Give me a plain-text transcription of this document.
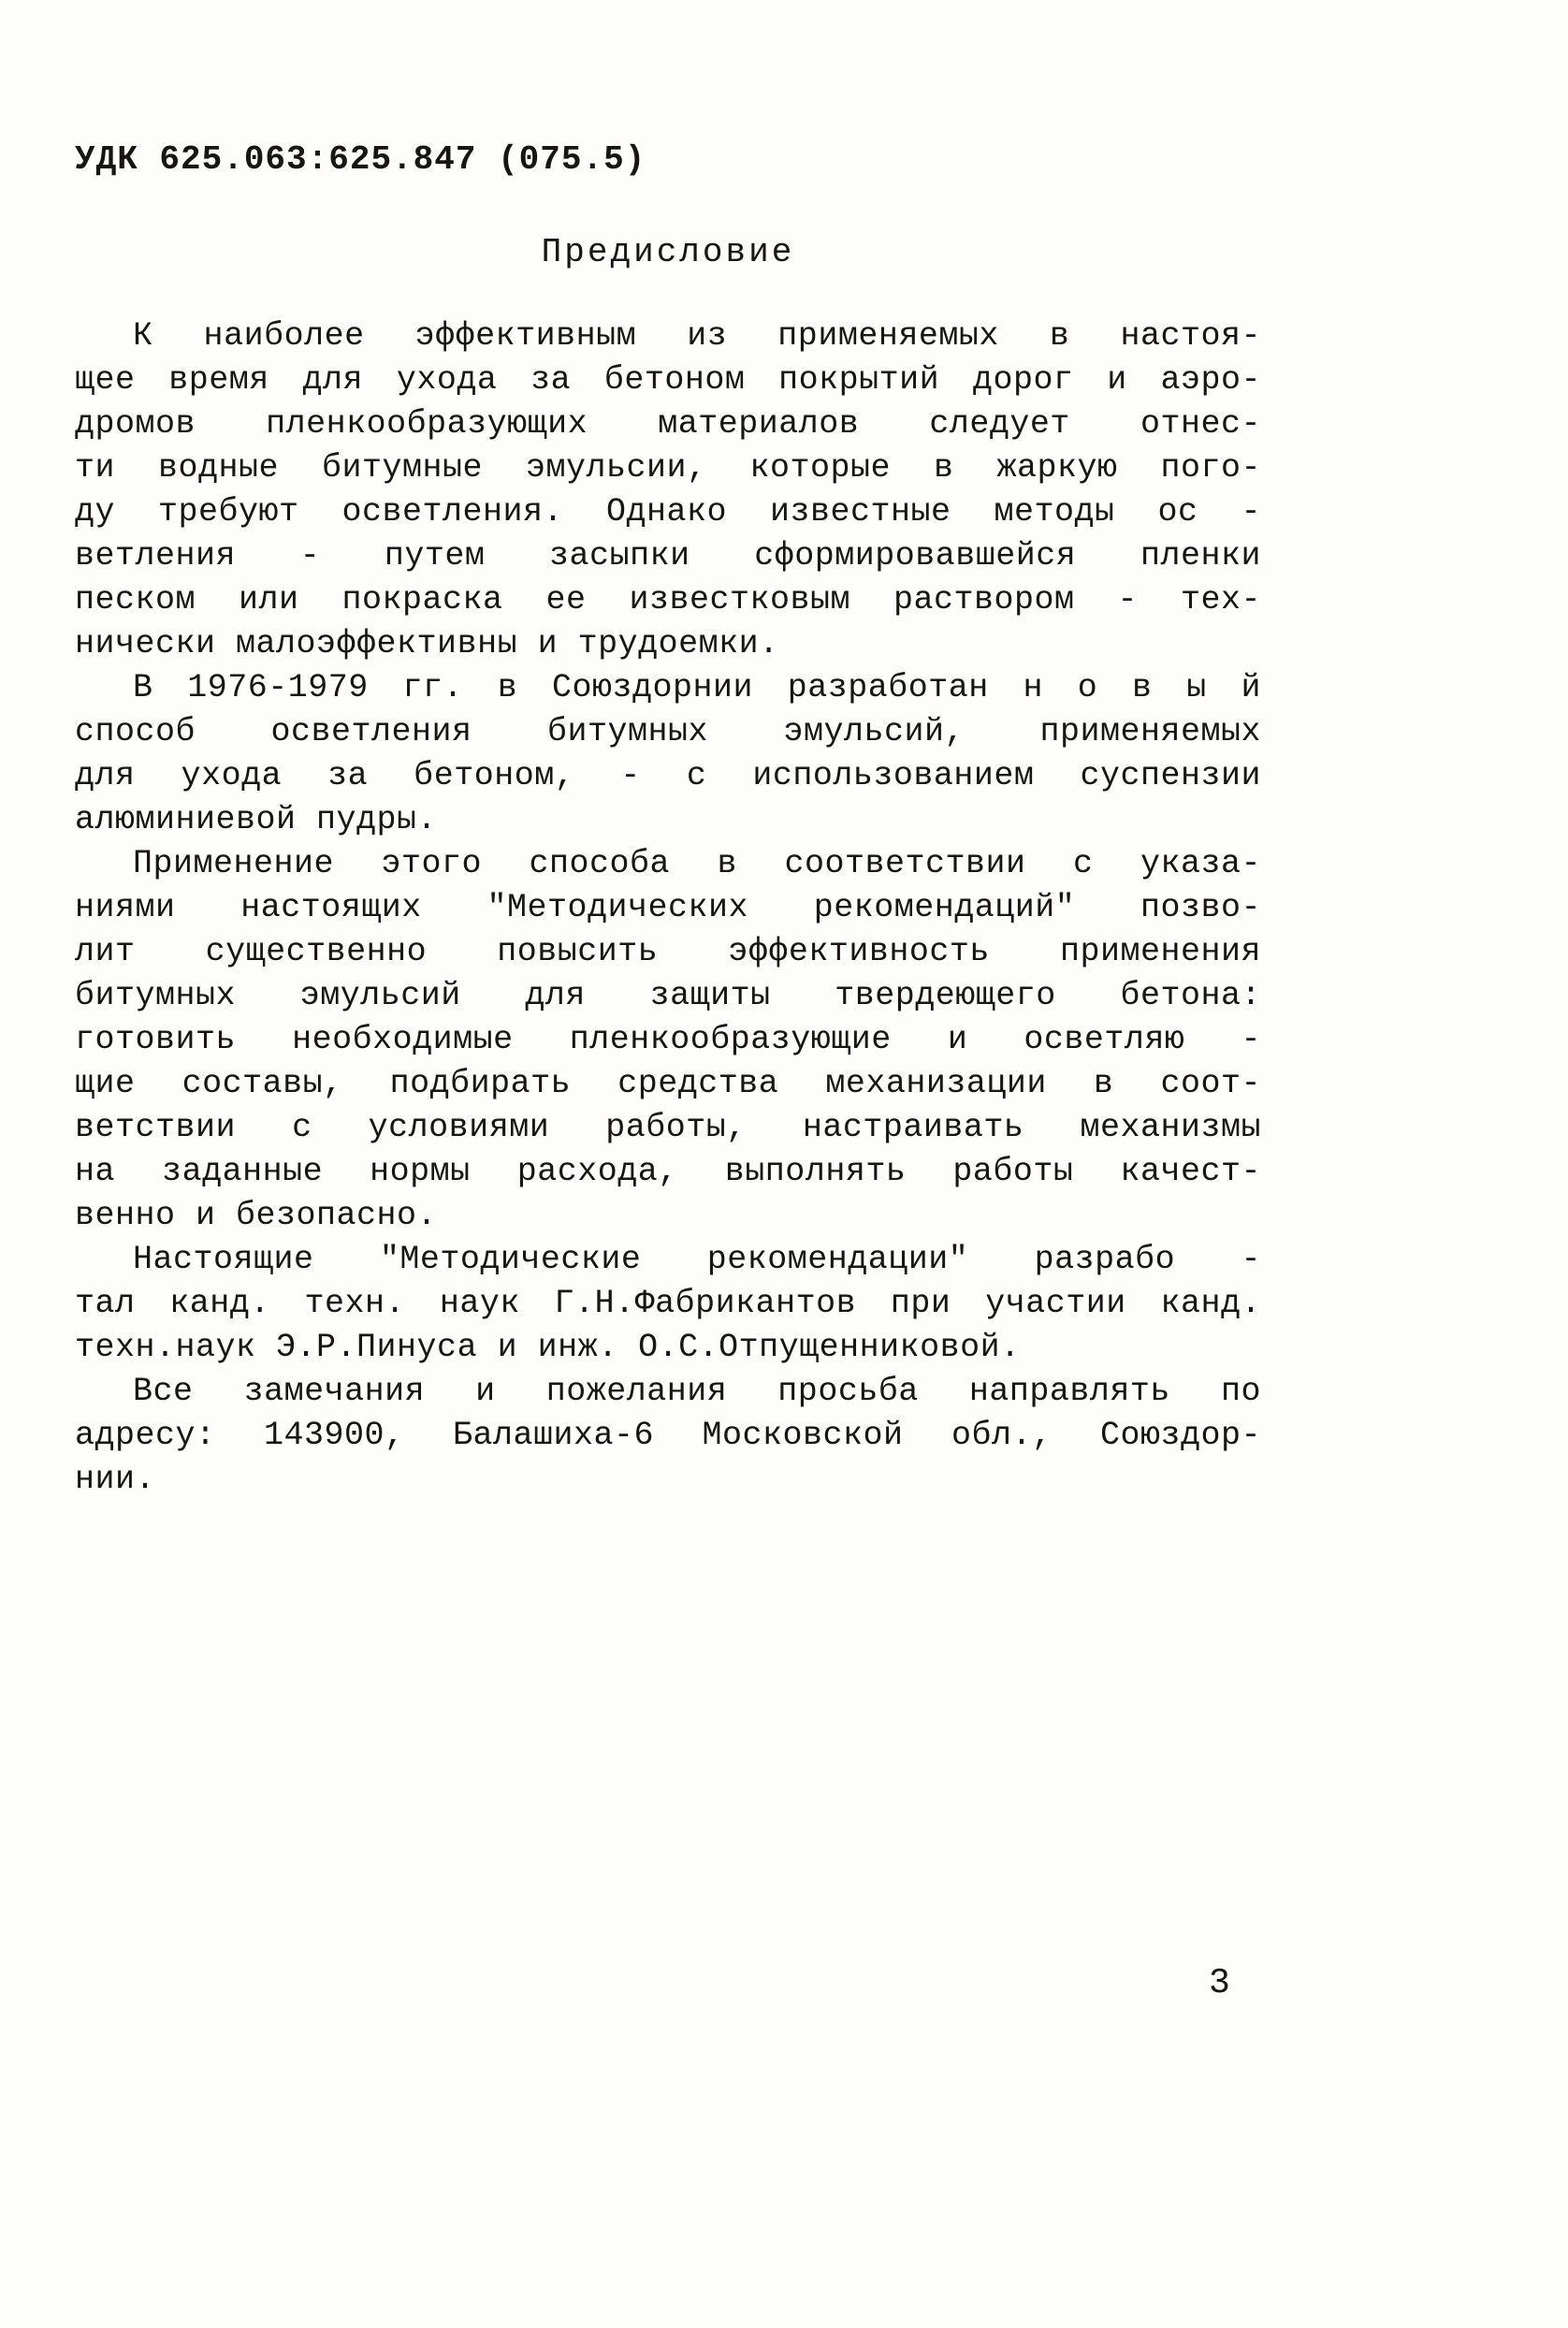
УДК 625.063:625.847 (075.5)
Предисловие
К наиболее эффективным из применяемых в настоя-
щее время для ухода за бетоном покрытий дорог и аэро-
дромов пленкообразующих материалов следует отнес-
ти водные битумные эмульсии, которые в жаркую пого-
ду требуют осветления. Однако известные методы ос -
ветления - путем засыпки сформировавшейся пленки
песком или покраска ее известковым раствором - тех-
нически малоэффективны и трудоемки.
В 1976-1979 гг. в Союздорнии разработан н о в ы й
способ осветления битумных эмульсий, применяемых
для ухода за бетоном, - с использованием суспензии
алюминиевой пудры.
Применение этого способа в соответствии с указа-
ниями настоящих ″Методических рекомендаций″ позво-
лит существенно повысить эффективность применения
битумных эмульсий для защиты твердеющего бетона:
готовить необходимые пленкообразующие и осветляю -
щие составы, подбирать средства механизации в соот-
ветствии с условиями работы, настраивать механизмы
на заданные нормы расхода, выполнять работы качест-
венно и безопасно.
Настоящие ″Методические рекомендации″ разрабо -
тал канд. техн. наук Г.Н.Фабрикантов при участии канд.
техн.наук Э.Р.Пинуса и инж. О.С.Отпущенниковой.
Все замечания и пожелания просьба направлять по
адресу: 143900, Балашиха-6 Московской обл., Союздор-
нии.
3
